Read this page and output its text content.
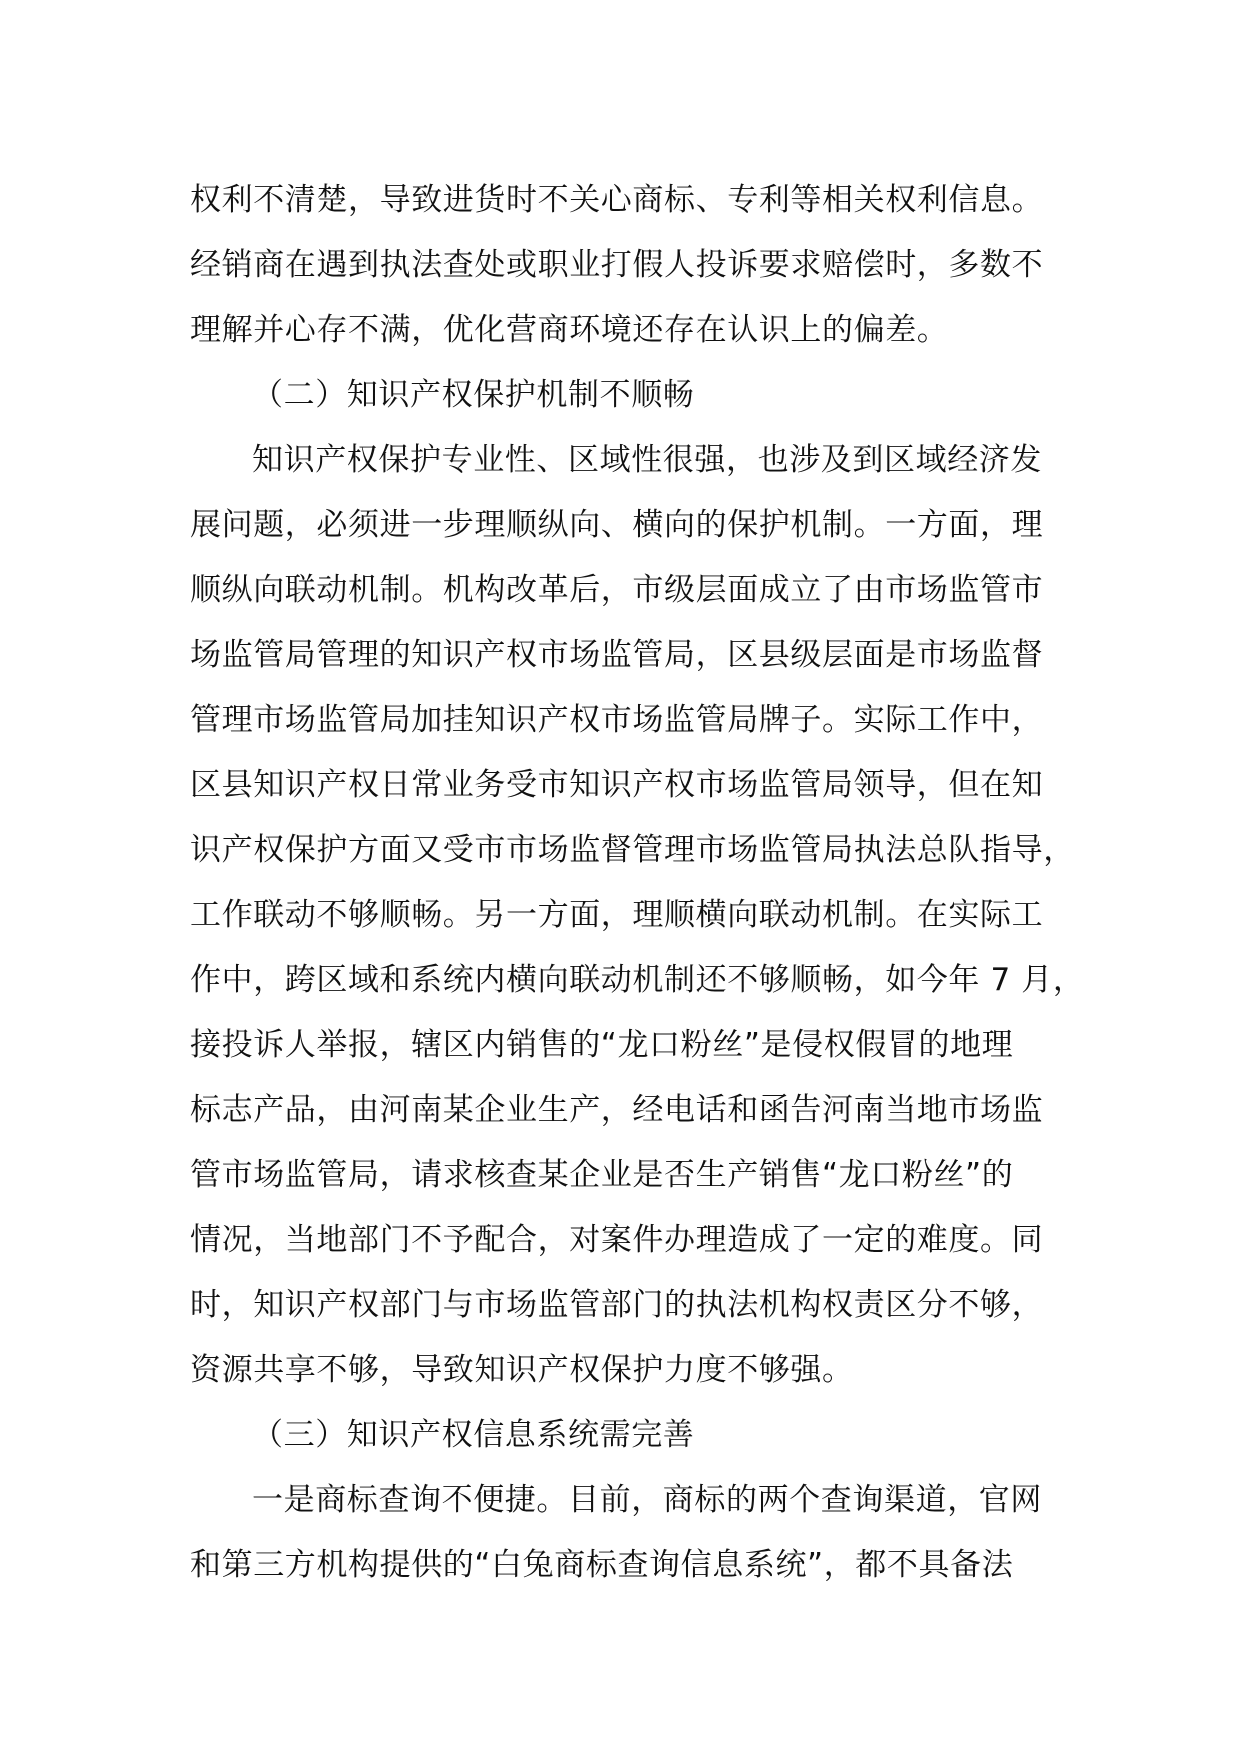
权利不清楚，导致进货时不关心商标、专利等相关权利信息。
经销商在遇到执法查处或职业打假人投诉要求赔偿时，多数不
理解并心存不满，优化营商环境还存在认识上的偏差。
（二）知识产权保护机制不顺畅
知识产权保护专业性、区域性很强，也涉及到区域经济发
展问题，必须进一步理顺纵向、横向的保护机制。一方面，理
顺纵向联动机制。机构改革后，市级层面成立了由市场监管市
场监管局管理的知识产权市场监管局，区县级层面是市场监督
管理市场监管局加挂知识产权市场监管局牌子。实际工作中，
区县知识产权日常业务受市知识产权市场监管局领导，但在知
识产权保护方面又受市市场监督管理市场监管局执法总队指导，
工作联动不够顺畅。另一方面，理顺横向联动机制。在实际工
作中，跨区域和系统内横向联动机制还不够顺畅，如今年 7 月，
接投诉人举报，辖区内销售的“龙口粉丝”是侵权假冒的地理
标志产品，由河南某企业生产，经电话和函告河南当地市场监
管市场监管局，请求核查某企业是否生产销售“龙口粉丝”的
情况，当地部门不予配合，对案件办理造成了一定的难度。同
时，知识产权部门与市场监管部门的执法机构权责区分不够，
资源共享不够，导致知识产权保护力度不够强。
（三）知识产权信息系统需完善
一是商标查询不便捷。目前，商标的两个查询渠道，官网
和第三方机构提供的“白兔商标查询信息系统”，都不具备法
